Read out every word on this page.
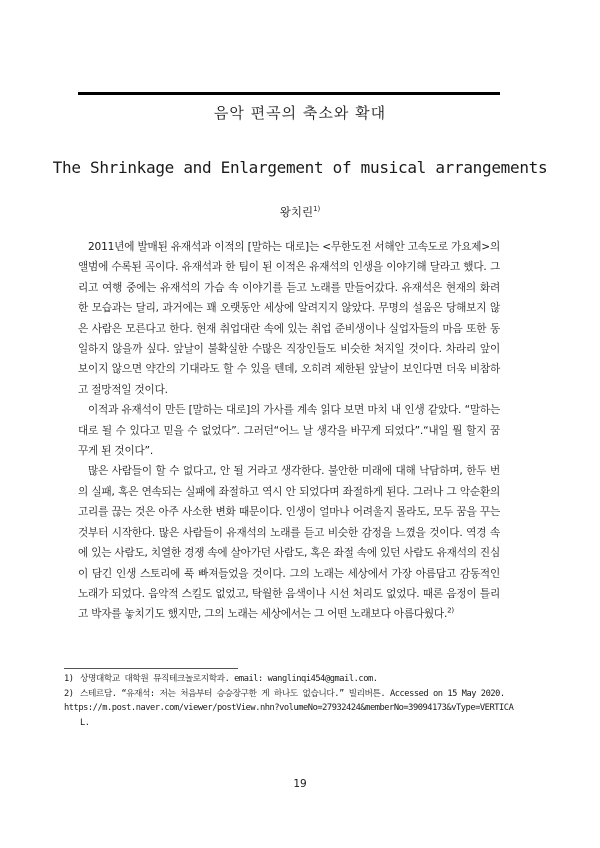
음악 편곡의 축소와 확대
The Shrinkage and Enlargement of musical arrangements
왕치린$^{1)}$

2011년에 발매된 유재석과 이적의 [말하는 대로]는 <무한도전 서해안 고속도로 가요제>의 앨범에 수록된 곡이다. 유재석과 한 팀이 된 이적은 유재석의 인생을 이야기해 달라고 했다. 그리고 여행 중에는 유재석의 가슴 속 이야기를 듣고 노래를 만들어갔다. 유재석은 현재의 화려한 모습과는 달리, 과거에는 꽤 오랫동안 세상에 알려지지 않았다. 무명의 설움은 당해보지 않은 사람은 모른다고 한다. 현재 취업대란 속에 있는 취업 준비생이나 실업자들의 마음 또한 동일하지 않을까 싶다. 앞날이 불확실한 수많은 직장인들도 비슷한 처지일 것이다. 차라리 앞이 보이지 않으면 약간의 기대라도 할 수 있을 텐데, 오히려 제한된 앞날이 보인다면 더욱 비참하고 절망적일 것이다.

이적과 유재석이 만든 [말하는 대로]의 가사를 계속 읽다 보면 마치 내 인생 같았다. “말하는 대로 될 수 있다고 믿을 수 없었다”. 그러던“어느 날 생각을 바꾸게 되었다”.“내일 뭘 할지 꿈꾸게 된 것이다”.

많은 사람들이 할 수 없다고, 안 될 거라고 생각한다. 불안한 미래에 대해 낙담하며, 한두 번의 실패, 혹은 연속되는 실패에 좌절하고 역시 안 되었다며 좌절하게 된다. 그러나 그 악순환의 고리를 끊는 것은 아주 사소한 변화 때문이다. 인생이 얼마나 어려울지 몰라도, 모두 꿈을 꾸는 것부터 시작한다. 많은 사람들이 유재석의 노래를 듣고 비슷한 감정을 느꼈을 것이다. 역경 속에 있는 사람도, 치열한 경쟁 속에 살아가던 사람도, 혹은 좌절 속에 있던 사람도 유재석의 진심이 담긴 인생 스토리에 푹 빠져들었을 것이다. 그의 노래는 세상에서 가장 아름답고 감동적인 노래가 되었다. 음악적 스킬도 없었고, 탁월한 음색이나 시선 처리도 없었다. 때론 음정이 틀리고 박자를 놓치기도 했지만, 그의 노래는 세상에서는 그 어떤 노래보다 아름다웠다.$^{2)}$

1) 상명대학교 대학원 뮤직테크놀로지학과. email: wanglinqi454@gmail.com.
2) 스테르담. “유재석: 저는 처음부터 승승장구한 게 하나도 없습니다.” 빌리버튼. Accessed on 15 May 2020.
https://m.post.naver.com/viewer/postView.nhn?volumeNo=27932424&memberNo=39094173&vType=VERTICAL.
19
